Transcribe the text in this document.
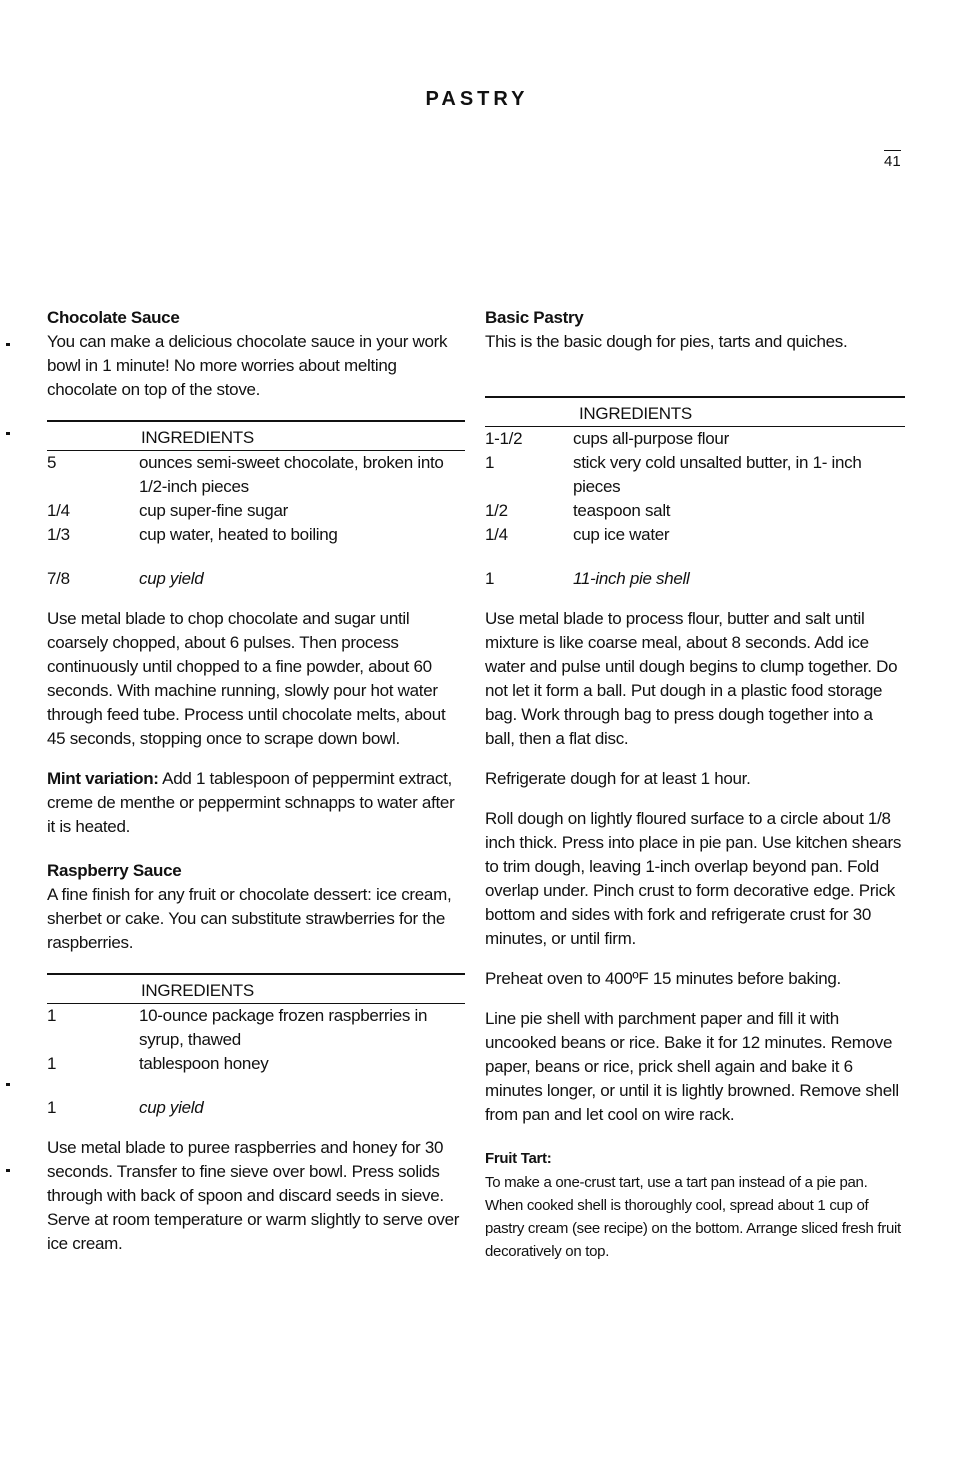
PASTRY
41
Chocolate Sauce

You can make a delicious chocolate sauce in your work bowl in 1 minute! No more worries about melting chocolate on top of the stove.

INGREDIENTS
5	ounces semi-sweet chocolate, broken into 1/2-inch pieces
1/4	cup super-fine sugar
1/3	cup water, heated to boiling
7/8	cup yield

Use metal blade to chop chocolate and sugar until coarsely chopped, about 6 pulses. Then process continuously until chopped to a fine powder, about 60 seconds. With machine running, slowly pour hot water through feed tube. Process until chocolate melts, about 45 seconds, stopping once to scrape down bowl.

Mint variation: Add 1 tablespoon of peppermint extract, creme de menthe or peppermint schnapps to water after it is heated.

Raspberry Sauce

A fine finish for any fruit or chocolate dessert: ice cream, sherbet or cake. You can substitute strawberries for the raspberries.

INGREDIENTS
1	10-ounce package frozen raspberries in syrup, thawed
1	tablespoon honey
1	cup yield

Use metal blade to puree raspberries and honey for 30 seconds. Transfer to fine sieve over bowl. Press solids through with back of spoon and discard seeds in sieve. Serve at room temperature or warm slightly to serve over ice cream.

Basic Pastry

This is the basic dough for pies, tarts and quiches.

INGREDIENTS
1-1/2	cups all-purpose flour
1	stick very cold unsalted butter, in 1- inch pieces
1/2	teaspoon salt
1/4	cup ice water
1	11-inch pie shell

Use metal blade to process flour, butter and salt until mixture is like coarse meal, about 8 seconds. Add ice water and pulse until dough begins to clump together. Do not let it form a ball. Put dough in a plastic food storage bag. Work through bag to press dough together into a ball, then a flat disc.

Refrigerate dough for at least 1 hour.

Roll dough on lightly floured surface to a circle about 1/8 inch thick. Press into place in pie pan. Use kitchen shears to trim dough, leaving 1-inch overlap beyond pan. Fold overlap under. Pinch crust to form decorative edge. Prick bottom and sides with fork and refrigerate crust for 30 minutes, or until firm.

Preheat oven to 400ºF 15 minutes before baking.

Line pie shell with parchment paper and fill it with uncooked beans or rice. Bake it for 12 minutes. Remove paper, beans or rice, prick shell again and bake it 6 minutes longer, or until it is lightly browned. Remove shell from pan and let cool on wire rack.

Fruit Tart:

To make a one-crust tart, use a tart pan instead of a pie pan. When cooked shell is thoroughly cool, spread about 1 cup of pastry cream (see recipe) on the bottom. Arrange sliced fresh fruit decoratively on top.
